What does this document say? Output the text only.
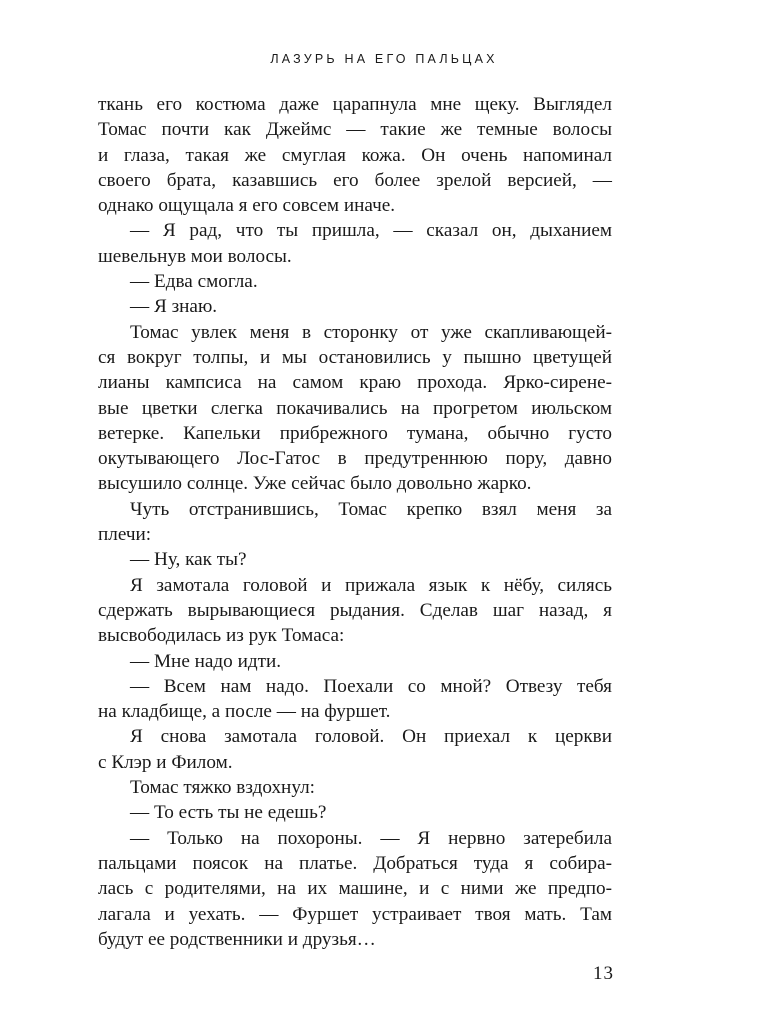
ЛАЗУРЬ НА ЕГО ПАЛЬЦАХ
ткань его костюма даже царапнула мне щеку. Выглядел
Томас почти как Джеймс — такие же темные волосы
и глаза, такая же смуглая кожа. Он очень напоминал
своего брата, казавшись его более зрелой версией, —
однако ощущала я его совсем иначе.
— Я рад, что ты пришла, — сказал он, дыханием
шевельнув мои волосы.
— Едва смогла.
— Я знаю.
Томас увлек меня в сторонку от уже скапливающей-
ся вокруг толпы, и мы остановились у пышно цветущей
лианы кампсиса на самом краю прохода. Ярко-сирене-
вые цветки слегка покачивались на прогретом июльском
ветерке. Капельки прибрежного тумана, обычно густо
окутывающего Лос-Гатос в предутреннюю пору, давно
высушило солнце. Уже сейчас было довольно жарко.
Чуть отстранившись, Томас крепко взял меня за
плечи:
— Ну, как ты?
Я замотала головой и прижала язык к нёбу, силясь
сдержать вырывающиеся рыдания. Сделав шаг назад, я
высвободилась из рук Томаса:
— Мне надо идти.
— Всем нам надо. Поехали со мной? Отвезу тебя
на кладбище, а после — на фуршет.
Я снова замотала головой. Он приехал к церкви
с Клэр и Филом.
Томас тяжко вздохнул:
— То есть ты не едешь?
— Только на похороны. — Я нервно затеребила
пальцами поясок на платье. Добраться туда я собира-
лась с родителями, на их машине, и с ними же предпо-
лагала и уехать. — Фуршет устраивает твоя мать. Там
будут ее родственники и друзья…
13
